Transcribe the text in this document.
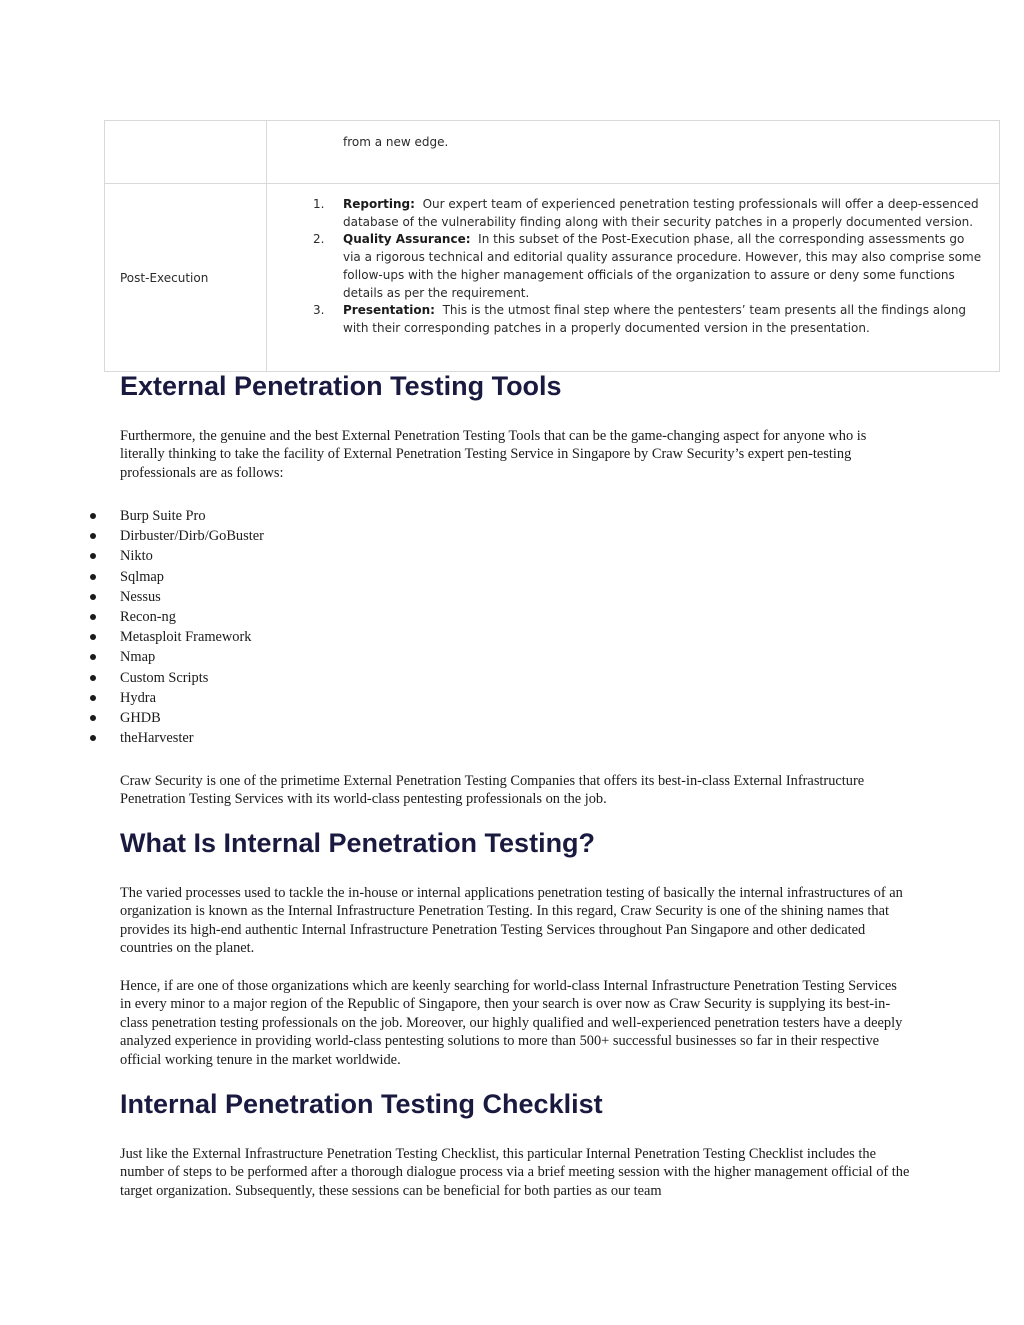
from a new edge.
Post-Execution
1.	Reporting: Our expert team of experienced penetration testing professionals will offer a deep-essenced database of the vulnerability finding along with their security patches in a properly documented version.
2.	Quality Assurance: In this subset of the Post-Execution phase, all the corresponding assessments go via a rigorous technical and editorial quality assurance procedure. However, this may also comprise some follow-ups with the higher management officials of the organization to assure or deny some functions details as per the requirement.
3.	Presentation: This is the utmost final step where the pentesters’ team presents all the findings along with their corresponding patches in a properly documented version in the presentation.
External Penetration Testing Tools

Furthermore, the genuine and the best External Penetration Testing Tools that can be the game-changing aspect for anyone who is literally thinking to take the facility of External Penetration Testing Service in Singapore by Craw Security’s expert pen-testing professionals are as follows:

Burp Suite Pro
Dirbuster/Dirb/GoBuster
Nikto
Sqlmap
Nessus
Recon-ng
Metasploit Framework
Nmap
Custom Scripts
Hydra
GHDB
theHarvester

Craw Security is one of the primetime External Penetration Testing Companies that offers its best-in-class External Infrastructure Penetration Testing Services with its world-class pentesting professionals on the job.

What Is Internal Penetration Testing?

The varied processes used to tackle the in-house or internal applications penetration testing of basically the internal infrastructures of an organization is known as the Internal Infrastructure Penetration Testing. In this regard, Craw Security is one of the shining names that provides its high-end authentic Internal Infrastructure Penetration Testing Services throughout Pan Singapore and other dedicated countries on the planet.

Hence, if are one of those organizations which are keenly searching for world-class Internal Infrastructure Penetration Testing Services in every minor to a major region of the Republic of Singapore, then your search is over now as Craw Security is supplying its best-in-class penetration testing professionals on the job. Moreover, our highly qualified and well-experienced penetration testers have a deeply analyzed experience in providing world-class pentesting solutions to more than 500+ successful businesses so far in their respective official working tenure in the market worldwide.

Internal Penetration Testing Checklist

Just like the External Infrastructure Penetration Testing Checklist, this particular Internal Penetration Testing Checklist includes the number of steps to be performed after a thorough dialogue process via a brief meeting session with the higher management official of the target organization. Subsequently, these sessions can be beneficial for both parties as our team
